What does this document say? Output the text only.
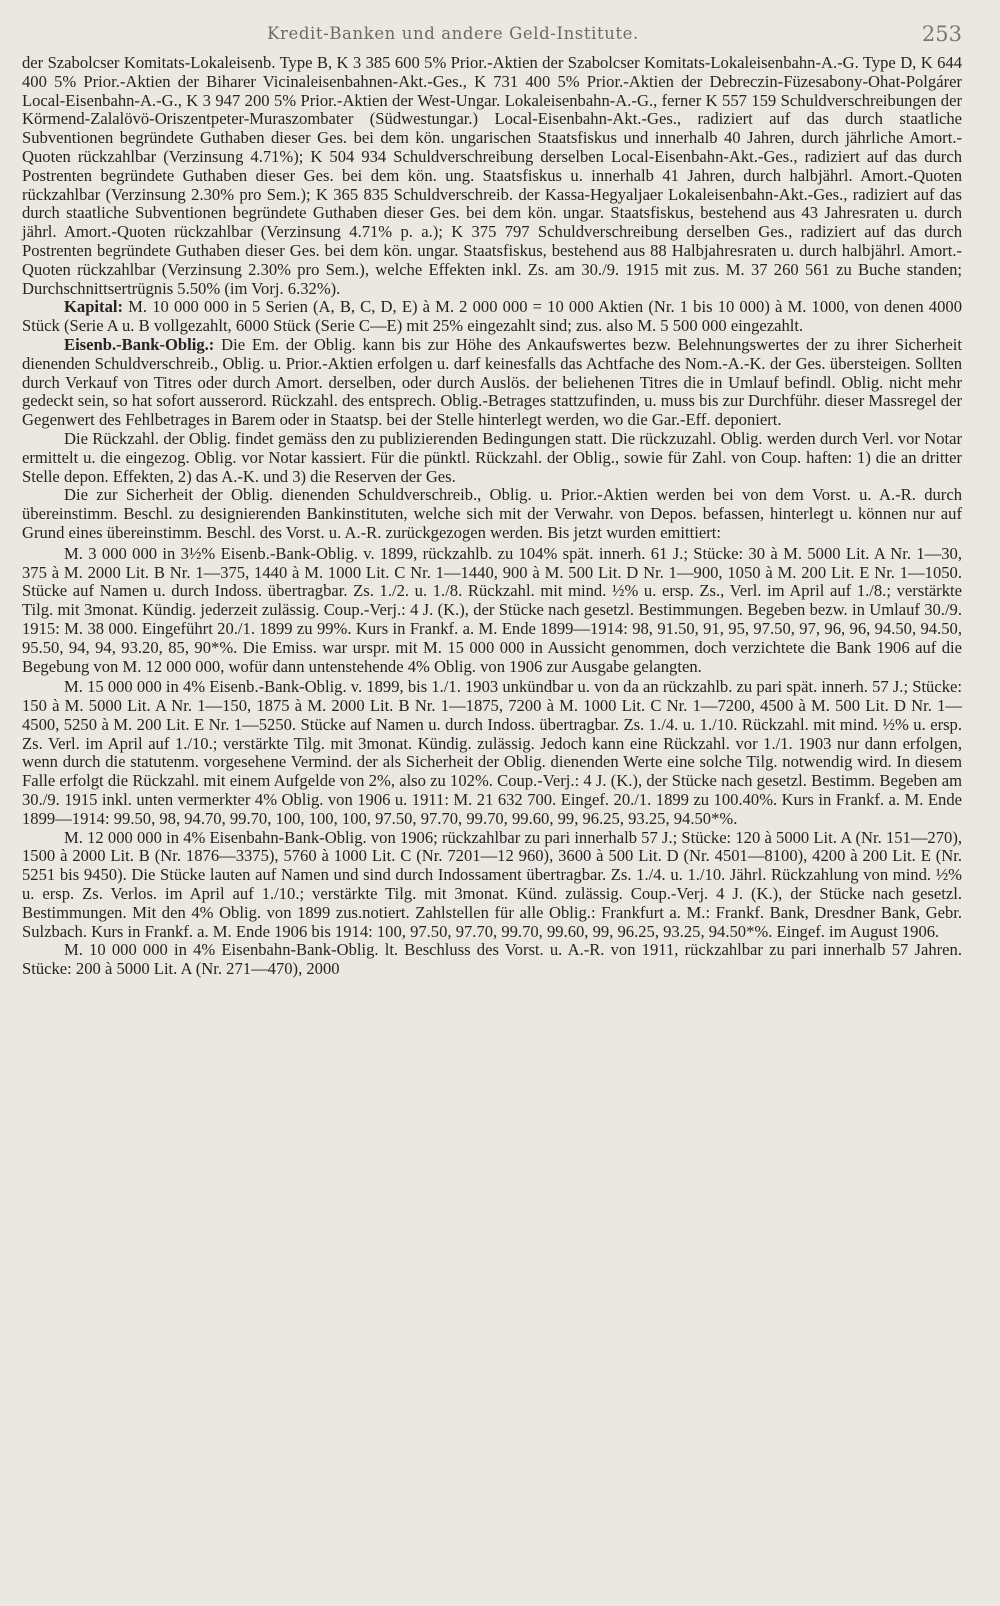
Kredit-Banken und andere Geld-Institute.	253

der Szabolcser Komitats-Lokaleisenb. Type B, K 3 385 600 5% Prior.-Aktien der Szabolcser Komitats-Lokaleisenbahn-A.-G. Type D, K 644 400 5% Prior.-Aktien der Biharer Vicinaleisenbahnen-Akt.-Ges., K 731 400 5% Prior.-Aktien der Debreczin-Füzesabony-Ohat-Polgárer Local-Eisenbahn-A.-G., K 3 947 200 5% Prior.-Aktien der West-Ungar. Lokaleisenbahn-A.-G., ferner K 557 159 Schuldverschreibungen der Körmend-Zalalövö-Oriszentpeter-Muraszombater (Südwestungar.) Local-Eisenbahn-Akt.-Ges., radiziert auf das durch staatliche Subventionen begründete Guthaben dieser Ges. bei dem kön. ungarischen Staatsfiskus und innerhalb 40 Jahren, durch jährliche Amort.-Quoten rückzahlbar (Verzinsung 4.71%); K 504 934 Schuldverschreibung derselben Local-Eisenbahn-Akt.-Ges., radiziert auf das durch Postrenten begründete Guthaben dieser Ges. bei dem kön. ung. Staatsfiskus u. innerhalb 41 Jahren, durch halbjährl. Amort.-Quoten rückzahlbar (Verzinsung 2.30% pro Sem.); K 365 835 Schuldverschreib. der Kassa-Hegyaljaer Lokaleisenbahn-Akt.-Ges., radiziert auf das durch staatliche Subventionen begründete Guthaben dieser Ges. bei dem kön. ungar. Staatsfiskus, bestehend aus 43 Jahresraten u. durch jährl. Amort.-Quoten rückzahlbar (Verzinsung 4.71% p. a.); K 375 797 Schuldverschreibung derselben Ges., radiziert auf das durch Postrenten begründete Guthaben dieser Ges. bei dem kön. ungar. Staatsfiskus, bestehend aus 88 Halbjahresraten u. durch halbjährl. Amort.-Quoten rückzahlbar (Verzinsung 2.30% pro Sem.), welche Effekten inkl. Zs. am 30./9. 1915 mit zus. M. 37 260 561 zu Buche standen; Durchschnittsertrügnis 5.50% (im Vorj. 6.32%).

Kapital: M. 10 000 000 in 5 Serien (A, B, C, D, E) à M. 2 000 000 = 10 000 Aktien (Nr. 1 bis 10 000) à M. 1000, von denen 4000 Stück (Serie A u. B vollgezahlt, 6000 Stück (Serie C—E) mit 25% eingezahlt sind; zus. also M. 5 500 000 eingezahlt.

Eisenb.-Bank-Oblig.: Die Em. der Oblig. kann bis zur Höhe des Ankaufswertes bezw. Belehnungswertes der zu ihrer Sicherheit dienenden Schuldverschreib., Oblig. u. Prior.-Aktien erfolgen u. darf keinesfalls das Achtfache des Nom.-A.-K. der Ges. übersteigen. Sollten durch Verkauf von Titres oder durch Amort. derselben, oder durch Auslös. der beliehenen Titres die in Umlauf befindl. Oblig. nicht mehr gedeckt sein, so hat sofort ausserord. Rückzahl. des entsprech. Oblig.-Betrages stattzufinden, u. muss bis zur Durchführ. dieser Massregel der Gegenwert des Fehlbetrages in Barem oder in Staatsp. bei der Stelle hinterlegt werden, wo die Gar.-Eff. deponiert.

Die Rückzahl. der Oblig. findet gemäss den zu publizierenden Bedingungen statt. Die rückzuzahl. Oblig. werden durch Verl. vor Notar ermittelt u. die eingezog. Oblig. vor Notar kassiert. Für die pünktl. Rückzahl. der Oblig., sowie für Zahl. von Coup. haften: 1) die an dritter Stelle depon. Effekten, 2) das A.-K. und 3) die Reserven der Ges.

Die zur Sicherheit der Oblig. dienenden Schuldverschreib., Oblig. u. Prior.-Aktien werden bei von dem Vorst. u. A.-R. durch übereinstimm. Beschl. zu designierenden Bankinstituten, welche sich mit der Verwahr. von Depos. befassen, hinterlegt u. können nur auf Grund eines übereinstimm. Beschl. des Vorst. u. A.-R. zurückgezogen werden. Bis jetzt wurden emittiert:

M. 3 000 000 in 3½% Eisenb.-Bank-Oblig. v. 1899, rückzahlb. zu 104% spät. innerh. 61 J.; Stücke: 30 à M. 5000 Lit. A Nr. 1—30, 375 à M. 2000 Lit. B Nr. 1—375, 1440 à M. 1000 Lit. C Nr. 1—1440, 900 à M. 500 Lit. D Nr. 1—900, 1050 à M. 200 Lit. E Nr. 1—1050. Stücke auf Namen u. durch Indoss. übertragbar. Zs. 1./2. u. 1./8. Rückzahl. mit mind. ½% u. ersp. Zs., Verl. im April auf 1./8.; verstärkte Tilg. mit 3monat. Kündig. jederzeit zulässig. Coup.-Verj.: 4 J. (K.), der Stücke nach gesetzl. Bestimmungen. Begeben bezw. in Umlauf 30./9. 1915: M. 38 000. Eingeführt 20./1. 1899 zu 99%. Kurs in Frankf. a. M. Ende 1899—1914: 98, 91.50, 91, 95, 97.50, 97, 96, 96, 94.50, 94.50, 95.50, 94, 94, 93.20, 85, 90*%. Die Emiss. war urspr. mit M. 15 000 000 in Aussicht genommen, doch verzichtete die Bank 1906 auf die Begebung von M. 12 000 000, wofür dann untenstehende 4% Oblig. von 1906 zur Ausgabe gelangten.

M. 15 000 000 in 4% Eisenb.-Bank-Oblig. v. 1899, bis 1./1. 1903 unkündbar u. von da an rückzahlb. zu pari spät. innerh. 57 J.; Stücke: 150 à M. 5000 Lit. A Nr. 1—150, 1875 à M. 2000 Lit. B Nr. 1—1875, 7200 à M. 1000 Lit. C Nr. 1—7200, 4500 à M. 500 Lit. D Nr. 1—4500, 5250 à M. 200 Lit. E Nr. 1—5250. Stücke auf Namen u. durch Indoss. übertragbar. Zs. 1./4. u. 1./10. Rückzahl. mit mind. ½% u. ersp. Zs. Verl. im April auf 1./10.; verstärkte Tilg. mit 3monat. Kündig. zulässig. Jedoch kann eine Rückzahl. vor 1./1. 1903 nur dann erfolgen, wenn durch die statutenm. vorgesehene Vermind. der als Sicherheit der Oblig. dienenden Werte eine solche Tilg. notwendig wird. In diesem Falle erfolgt die Rückzahl. mit einem Aufgelde von 2%, also zu 102%. Coup.-Verj.: 4 J. (K.), der Stücke nach gesetzl. Bestimm. Begeben am 30./9. 1915 inkl. unten vermerkter 4% Oblig. von 1906 u. 1911: M. 21 632 700. Eingef. 20./1. 1899 zu 100.40%. Kurs in Frankf. a. M. Ende 1899—1914: 99.50, 98, 94.70, 99.70, 100, 100, 100, 97.50, 97.70, 99.70, 99.60, 99, 96.25, 93.25, 94.50*%.

M. 12 000 000 in 4% Eisenbahn-Bank-Oblig. von 1906; rückzahlbar zu pari innerhalb 57 J.; Stücke: 120 à 5000 Lit. A (Nr. 151—270), 1500 à 2000 Lit. B (Nr. 1876—3375), 5760 à 1000 Lit. C (Nr. 7201—12 960), 3600 à 500 Lit. D (Nr. 4501—8100), 4200 à 200 Lit. E (Nr. 5251 bis 9450). Die Stücke lauten auf Namen und sind durch Indossament übertragbar. Zs. 1./4. u. 1./10. Jährl. Rückzahlung von mind. ½% u. ersp. Zs. Verlos. im April auf 1./10.; verstärkte Tilg. mit 3monat. Künd. zulässig. Coup.-Verj. 4 J. (K.), der Stücke nach gesetzl. Bestimmungen. Mit den 4% Oblig. von 1899 zus.notiert. Zahlstellen für alle Oblig.: Frankfurt a. M.: Frankf. Bank, Dresdner Bank, Gebr. Sulzbach. Kurs in Frankf. a. M. Ende 1906 bis 1914: 100, 97.50, 97.70, 99.70, 99.60, 99, 96.25, 93.25, 94.50*%. Eingef. im August 1906.

M. 10 000 000 in 4% Eisenbahn-Bank-Oblig. lt. Beschluss des Vorst. u. A.-R. von 1911, rückzahlbar zu pari innerhalb 57 Jahren. Stücke: 200 à 5000 Lit. A (Nr. 271—470), 2000
